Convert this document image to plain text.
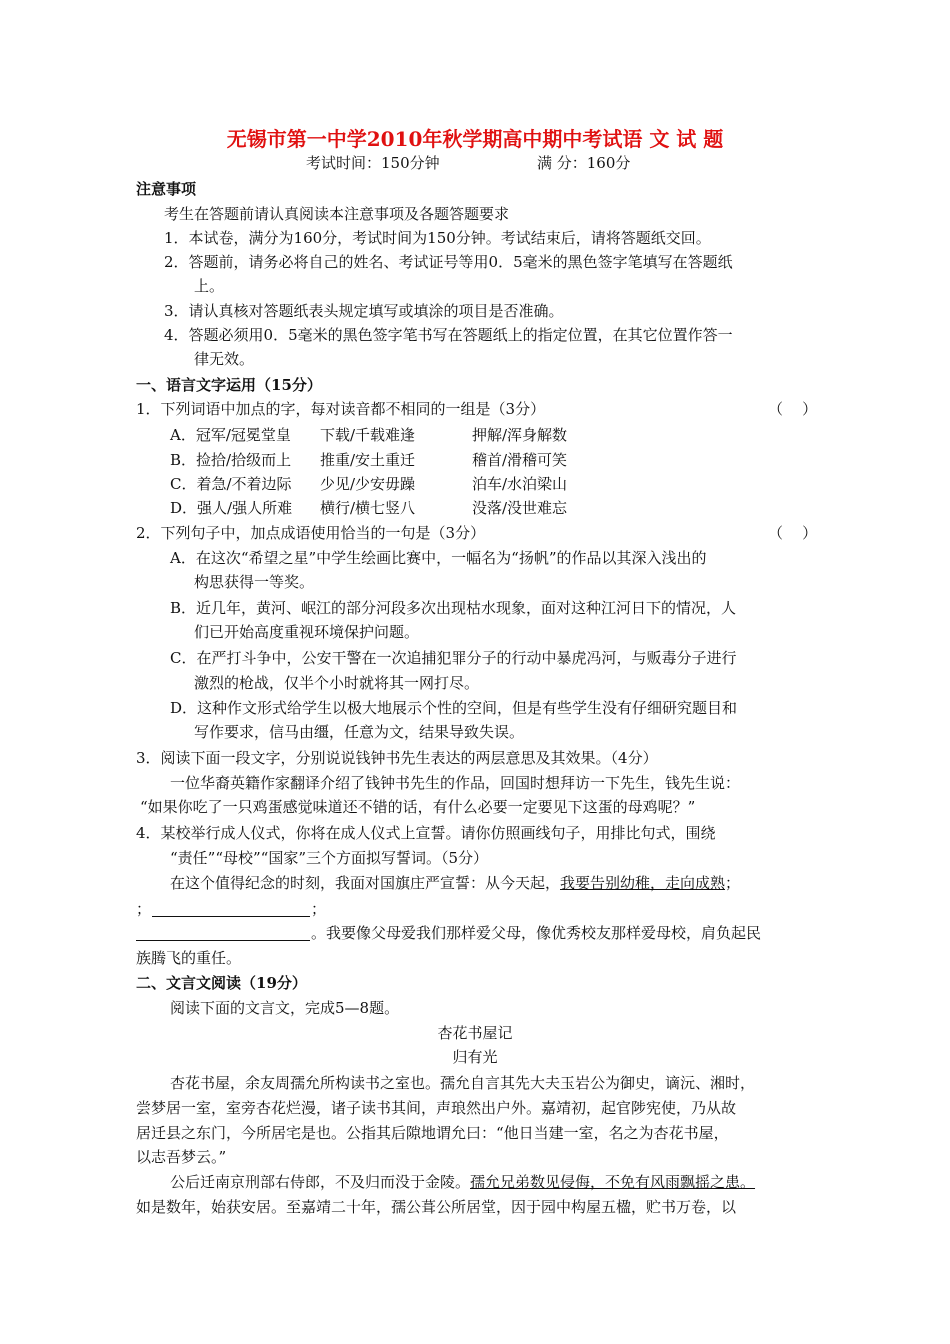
无锡市第一中学2010年秋学期高中期中考试语 文 试 题
考试时间：150分钟	满 分：160分
注意事项
考生在答题前请认真阅读本注意事项及各题答题要求
1．本试卷，满分为160分，考试时间为150分钟。考试结束后，请将答题纸交回。
2．答题前，请务必将自己的姓名、考试证号等用0．5毫米的黑色签字笔填写在答题纸
上。
3．请认真核对答题纸表头规定填写或填涂的项目是否准确。
4．答题必须用0．5毫米的黑色签字笔书写在答题纸上的指定位置，在其它位置作答一
律无效。
一、语言文字运用（15分）
1．下列词语中加点的字，每对读音都不相同的一组是（3分）	（    ）
A．冠军/冠冕堂皇 下载/千载难逢	押解/浑身解数
B．捡拾/拾级而上 推重/安土重迁	稽首/滑稽可笑
C．着急/不着边际 少见/少安毋躁	泊车/水泊梁山
D．强人/强人所难 横行/横七竖八	没落/没世难忘
2．下列句子中，加点成语使用恰当的一句是（3分）	（    ）
A．在这次“希望之星”中学生绘画比赛中，一幅名为“扬帆”的作品以其深入浅出的
构思获得一等奖。
B．近几年，黄河、岷江的部分河段多次出现枯水现象，面对这种江河日下的情况，人
们已开始高度重视环境保护问题。
C．在严打斗争中，公安干警在一次追捕犯罪分子的行动中暴虎冯河，与贩毒分子进行
激烈的枪战，仅半个小时就将其一网打尽。
D．这种作文形式给学生以极大地展示个性的空间，但是有些学生没有仔细研究题目和
写作要求，信马由缰，任意为文，结果导致失误。
3．阅读下面一段文字，分别说说钱钟书先生表达的两层意思及其效果。（4分）
一位华裔英籍作家翻译介绍了钱钟书先生的作品，回国时想拜访一下先生，钱先生说：
“如果你吃了一只鸡蛋感觉味道还不错的话，有什么必要一定要见下这蛋的母鸡呢？”
4．某校举行成人仪式，你将在成人仪式上宣誓。请你仿照画线句子，用排比句式，围绕
“责任”“母校”“国家”三个方面拟写誓词。（5分）
在这个值得纪念的时刻，我面对国旗庄严宣誓：从今天起，我要告别幼稚，走向成熟；
；	；
。我要像父母爱我们那样爱父母，像优秀校友那样爱母校，肩负起民
族腾飞的重任。
二、文言文阅读（19分）
阅读下面的文言文，完成5—8题。
杏花书屋记
归有光
杏花书屋，余友周孺允所构读书之室也。孺允自言其先大夫玉岩公为御史，谪沅、湘时，
尝梦居一室，室旁杏花烂漫，诸子读书其间，声琅然出户外。嘉靖初，起官陟宪使，乃从故
居迁县之东门，今所居宅是也。公指其后隙地谓允曰：“他日当建一室，名之为杏花书屋，
以志吾梦云。”
公后迁南京刑部右侍郎，不及归而没于金陵。孺允兄弟数见侵侮，不免有风雨飘摇之患。
如是数年，始获安居。至嘉靖二十年，孺公葺公所居堂，因于园中构屋五楹，贮书万卷，以
